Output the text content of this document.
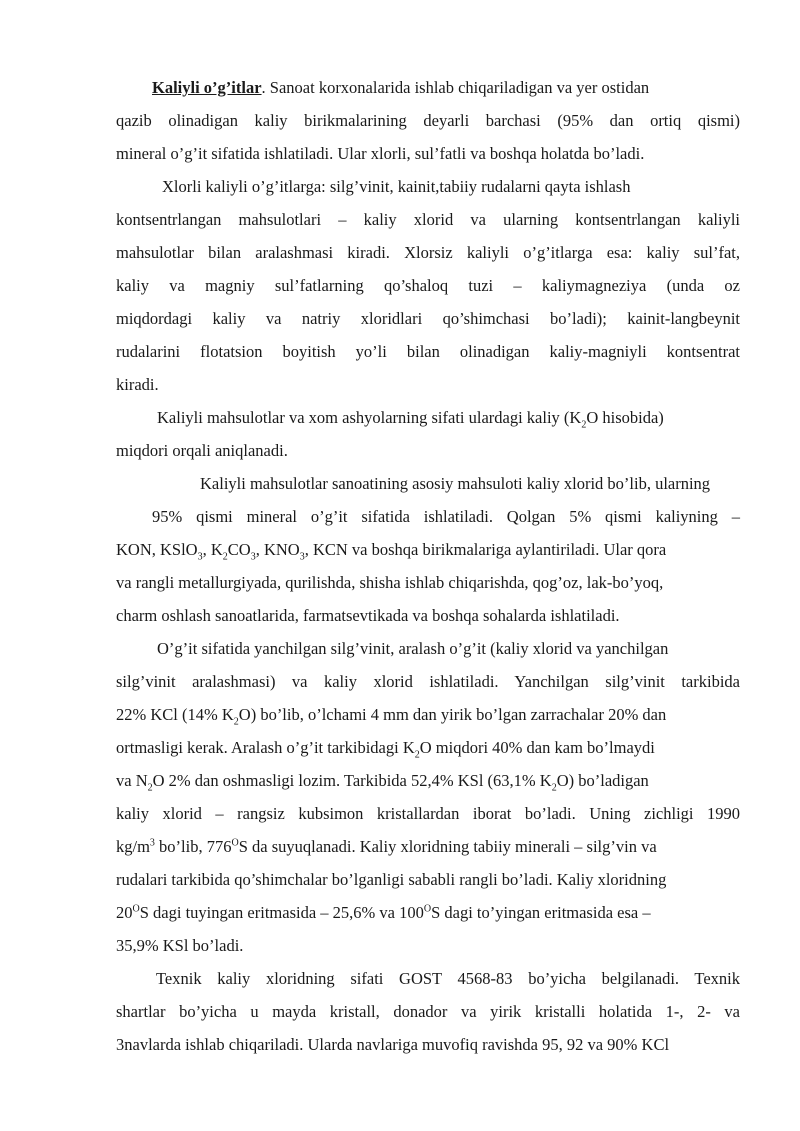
Kaliyli o’g’itlar. Sanoat korxonalarida ishlab chiqariladigan va yer ostidan
qazib olinadigan kaliy birikmalarining deyarli barchasi (95% dan ortiq qismi)
mineral o’g’it sifatida ishlatiladi. Ular xlorli, sul’fatli va boshqa holatda bo’ladi.
Xlorli kaliyli o’g’itlarga: silg’vinit, kainit,tabiiy rudalarni qayta ishlash
kontsentrlangan mahsulotlari – kaliy xlorid va ularning kontsentrlangan kaliyli
mahsulotlar bilan aralashmasi kiradi. Xlorsiz kaliyli o’g’itlarga esa: kaliy sul’fat,
kaliy va magniy sul’fatlarning qo’shaloq tuzi – kaliymagneziya (unda oz
miqdordagi kaliy va natriy xloridlari qo’shimchasi bo’ladi); kainit-langbeynit
rudalarini flotatsion boyitish yo’li bilan olinadigan kaliy-magniyli kontsentrat
kiradi.
Kaliyli mahsulotlar va xom ashyolarning sifati ulardagi kaliy ($K_2O$ hisobida)
miqdori orqali aniqlanadi.
Kaliyli mahsulotlar sanoatining asosiy mahsuloti kaliy xlorid bo’lib, ularning
95% qismi mineral o’g’it sifatida ishlatiladi. Qolgan 5% qismi kaliyning –
KON, KSlO$_3$, $K_2CO_3$, $KNO_3$, KCN va boshqa birikmalariga aylantiriladi. Ular qora
va rangli metallurgiyada, qurilishda, shisha ishlab chiqarishda, qog’oz, lak-bo’yoq,
charm oshlash sanoatlarida, farmatsevtikada va boshqa sohalarda ishlatiladi.
O’g’it sifatida yanchilgan silg’vinit, aralash o’g’it (kaliy xlorid va yanchilgan
silg’vinit aralashmasi) va kaliy xlorid ishlatiladi. Yanchilgan silg’vinit tarkibida
22% KCl (14% $K_2O$) bo’lib, o’lchami 4 mm dan yirik bo’lgan zarrachalar 20% dan
ortmasligi kerak. Aralash o’g’it tarkibidagi $K_2O$ miqdori 40% dan kam bo’lmaydi
va $N_2O$ 2% dan oshmasligi lozim. Tarkibida 52,4% KSl (63,1% $K_2O$) bo’ladigan
kaliy xlorid – rangsiz kubsimon kristallardan iborat bo’ladi. Uning zichligi 1990
$kg/m^3$ bo’lib, $776^OS$ da suyuqlanadi. Kaliy xloridning tabiiy minerali – silg’vin va
rudalari tarkibida qo’shimchalar bo’lganligi sababli rangli bo’ladi. Kaliy xloridning
$20^OS$ dagi tuyingan eritmasida – 25,6% va $100^OS$ dagi to’yingan eritmasida esa –
35,9% KSl bo’ladi.
Texnik kaliy xloridning sifati GOST 4568-83 bo’yicha belgilanadi. Texnik
shartlar bo’yicha u mayda kristall, donador va yirik kristalli holatida 1-, 2- va
3navlarda ishlab chiqariladi. Ularda navlariga muvofiq ravishda 95, 92 va 90% KCl
